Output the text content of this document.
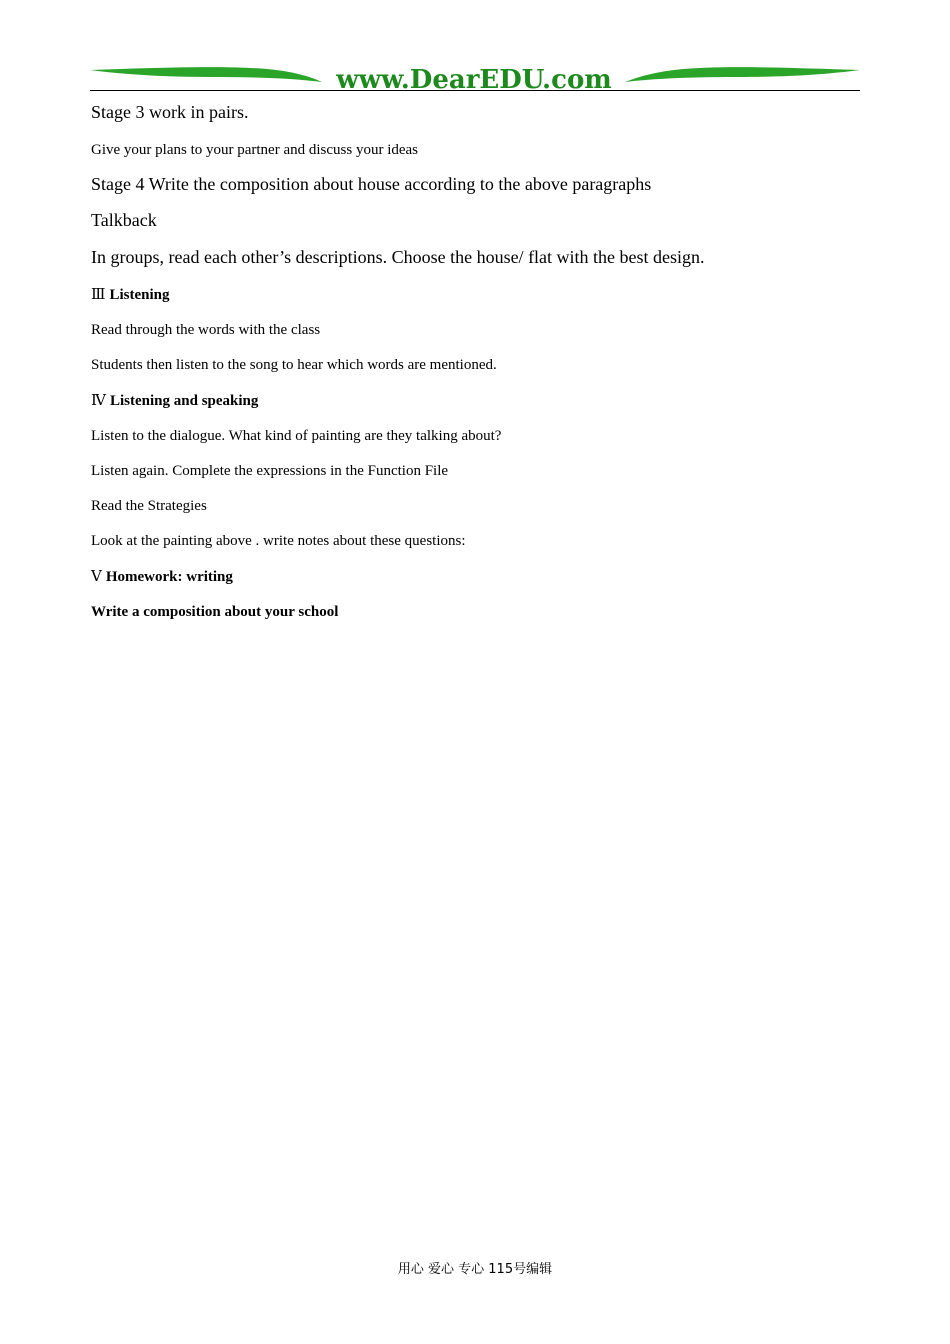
www.DearEDU.com
Stage 3 work in pairs.
Give your plans to your partner and discuss your ideas
Stage 4 Write the composition about house according to the above paragraphs
Talkback
In groups, read each other’s descriptions. Choose the house/ flat with the best design.
Ⅲ Listening
Read through the words with the class
Students then listen to the song to hear which words are mentioned.
Ⅳ Listening and speaking
Listen to the dialogue. What kind of painting are they talking about?
Listen again. Complete the expressions in the Function File
Read the Strategies
Look at the painting above . write notes about these questions:
Ⅴ Homework: writing
Write a composition about your school
用心 爱心 专心 115号编辑
